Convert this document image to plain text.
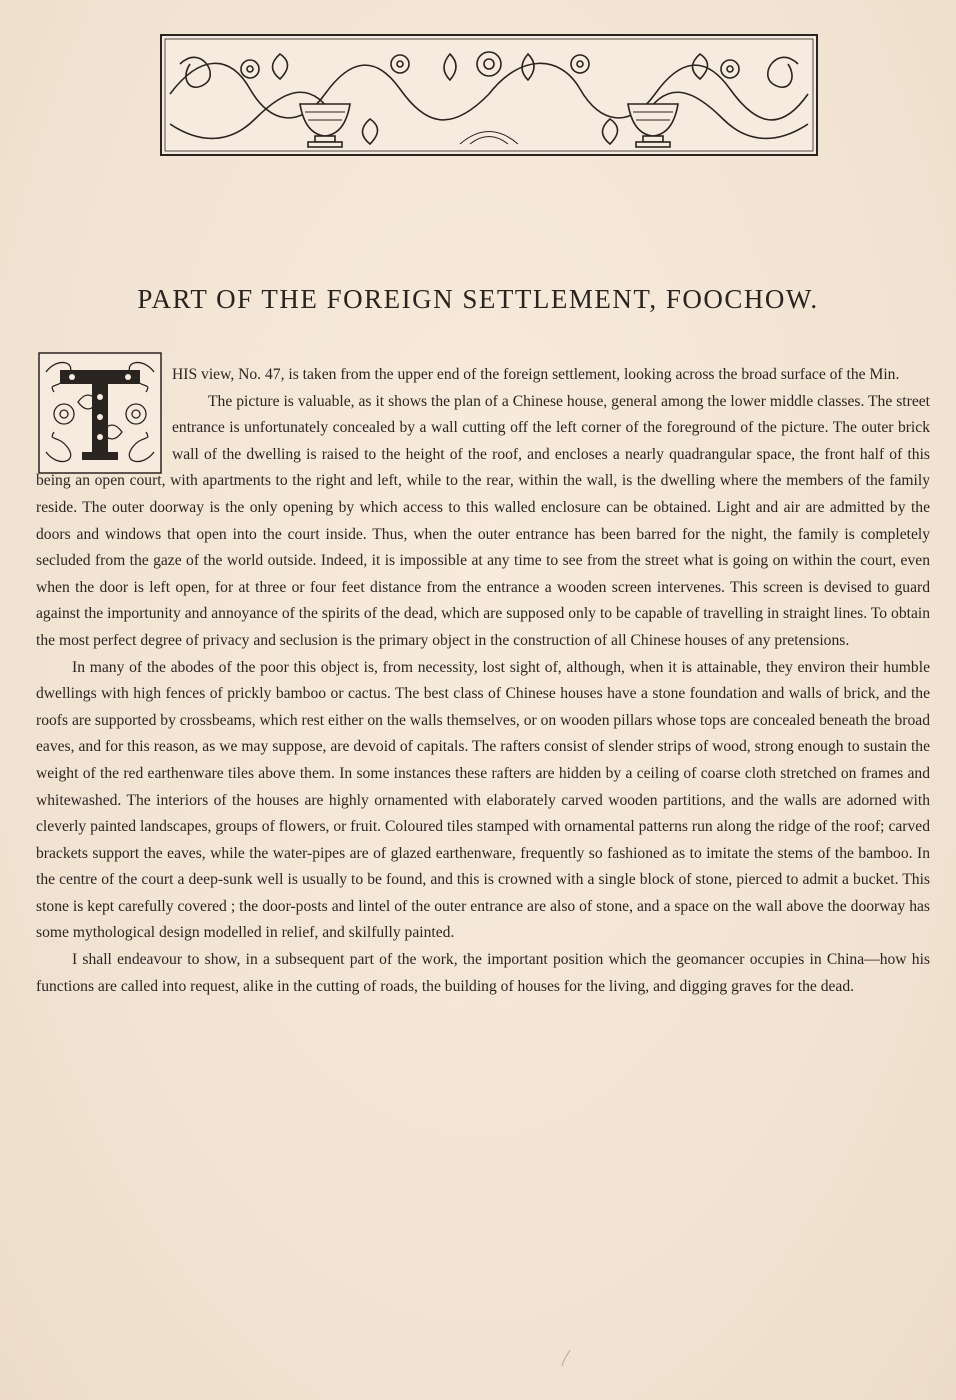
PART OF THE FOREIGN SETTLEMENT, FOOCHOW.

HIS view, No. 47, is taken from the upper end of the foreign settlement, looking across the broad surface of the Min.

The picture is valuable, as it shows the plan of a Chinese house, general among the lower middle classes. The street entrance is unfortunately concealed by a wall cutting off the left corner of the foreground of the picture. The outer brick wall of the dwelling is raised to the height of the roof, and encloses a nearly quadrangular space, the front half of this being an open court, with apartments to the right and left, while to the rear, within the wall, is the dwelling where the members of the family reside. The outer doorway is the only opening by which access to this walled enclosure can be obtained. Light and air are admitted by the doors and windows that open into the court inside. Thus, when the outer entrance has been barred for the night, the family is completely secluded from the gaze of the world outside. Indeed, it is impossible at any time to see from the street what is going on within the court, even when the door is left open, for at three or four feet distance from the entrance a wooden screen intervenes. This screen is devised to guard against the importunity and annoyance of the spirits of the dead, which are supposed only to be capable of travelling in straight lines. To obtain the most perfect degree of privacy and seclusion is the primary object in the construction of all Chinese houses of any pretensions.

In many of the abodes of the poor this object is, from necessity, lost sight of, although, when it is attainable, they environ their humble dwellings with high fences of prickly bamboo or cactus. The best class of Chinese houses have a stone foundation and walls of brick, and the roofs are supported by crossbeams, which rest either on the walls themselves, or on wooden pillars whose tops are concealed beneath the broad eaves, and for this reason, as we may suppose, are devoid of capitals. The rafters consist of slender strips of wood, strong enough to sustain the weight of the red earthenware tiles above them. In some instances these rafters are hidden by a ceiling of coarse cloth stretched on frames and whitewashed. The interiors of the houses are highly ornamented with elaborately carved wooden partitions, and the walls are adorned with cleverly painted landscapes, groups of flowers, or fruit. Coloured tiles stamped with ornamental patterns run along the ridge of the roof; carved brackets support the eaves, while the water-pipes are of glazed earthenware, frequently so fashioned as to imitate the stems of the bamboo. In the centre of the court a deep-sunk well is usually to be found, and this is crowned with a single block of stone, pierced to admit a bucket. This stone is kept carefully covered ; the door-posts and lintel of the outer entrance are also of stone, and a space on the wall above the doorway has some mythological design modelled in relief, and skilfully painted.

I shall endeavour to show, in a subsequent part of the work, the important position which the geomancer occupies in China—how his functions are called into request, alike in the cutting of roads, the building of houses for the living, and digging graves for the dead.
